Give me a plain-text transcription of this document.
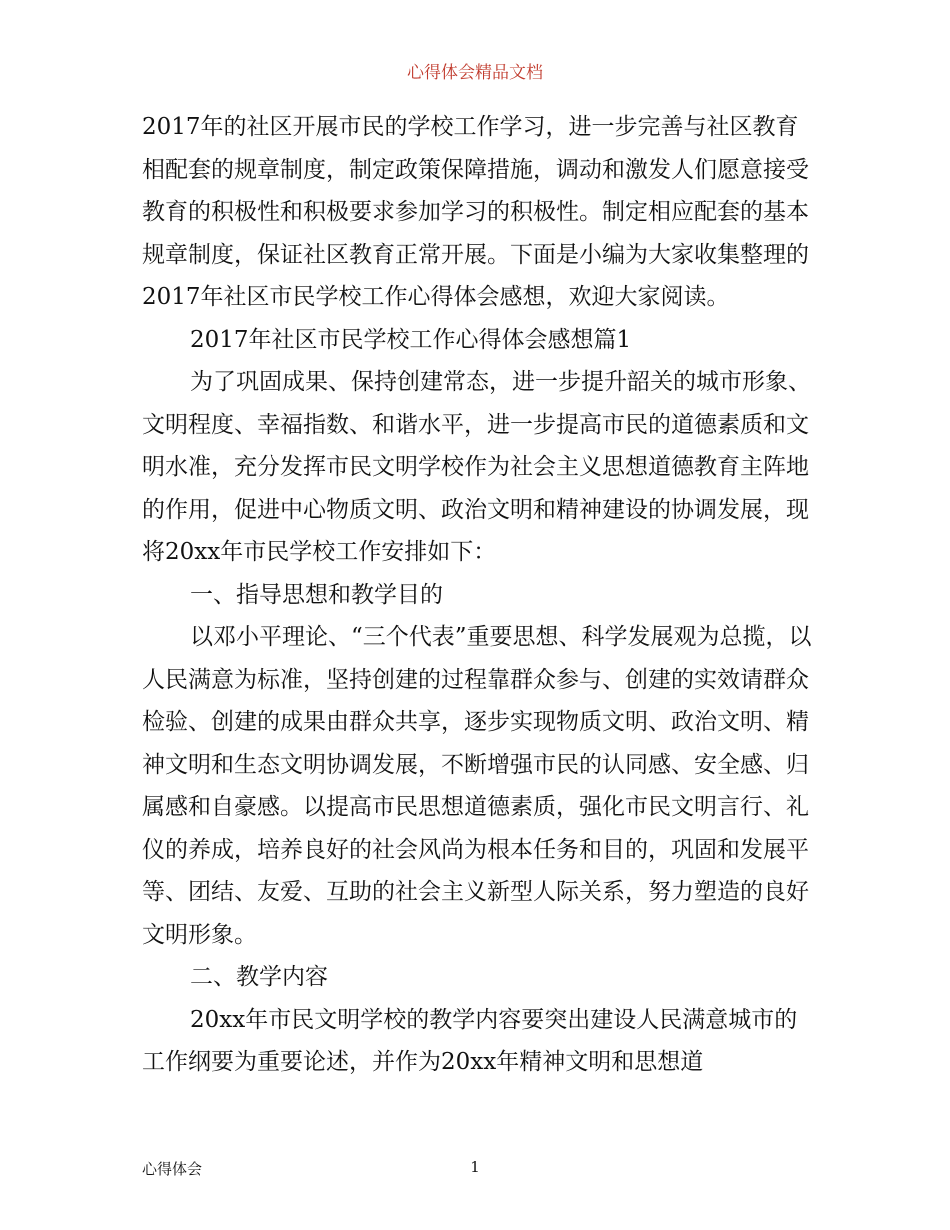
心得体会精品文档

2017年的社区开展市民的学校工作学习，进一步完善与社区教育相配套的规章制度，制定政策保障措施，调动和激发人们愿意接受教育的积极性和积极要求参加学习的积极性。制定相应配套的基本规章制度，保证社区教育正常开展。下面是小编为大家收集整理的2017年社区市民学校工作心得体会感想，欢迎大家阅读。

2017年社区市民学校工作心得体会感想篇1

为了巩固成果、保持创建常态，进一步提升韶关的城市形象、文明程度、幸福指数、和谐水平，进一步提高市民的道德素质和文明水准，充分发挥市民文明学校作为社会主义思想道德教育主阵地的作用，促进中心物质文明、政治文明和精神建设的协调发展，现将20xx年市民学校工作安排如下：

一、指导思想和教学目的

以邓小平理论、“三个代表”重要思想、科学发展观为总揽，以人民满意为标准，坚持创建的过程靠群众参与、创建的实效请群众检验、创建的成果由群众共享，逐步实现物质文明、政治文明、精神文明和生态文明协调发展，不断增强市民的认同感、安全感、归属感和自豪感。以提高市民思想道德素质，强化市民文明言行、礼仪的养成，培养良好的社会风尚为根本任务和目的，巩固和发展平等、团结、友爱、互助的社会主义新型人际关系，努力塑造的良好文明形象。

二、教学内容

20xx年市民文明学校的教学内容要突出建设人民满意城市的工作纲要为重要论述，并作为20xx年精神文明和思想道

心得体会	1
